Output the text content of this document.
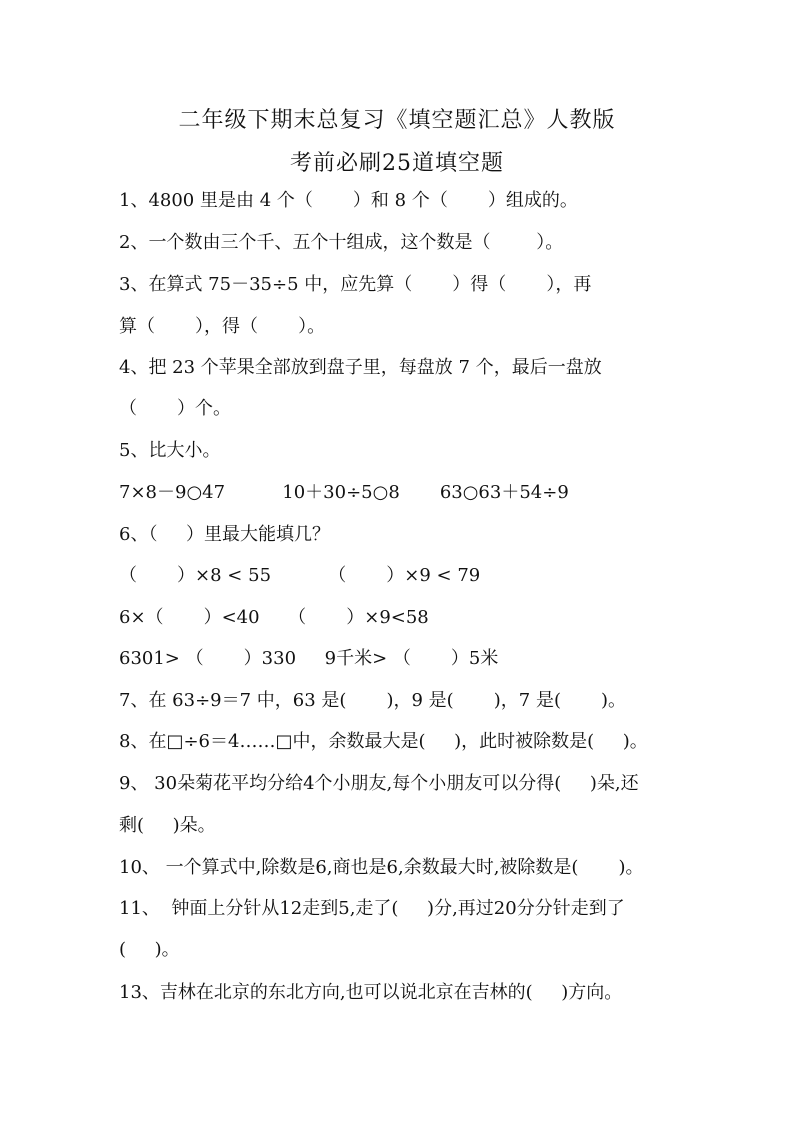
二年级下期末总复习《填空题汇总》人教版
考前必刷25道填空题
1、4800 里是由 4 个（       ）和 8 个（       ）组成的。
2、一个数由三个千、五个十组成，这个数是（        ）。
3、在算式 75－35÷5 中，应先算（       ）得（       ），再
算（       ），得（       ）。
4、把 23 个苹果全部放到盘子里，每盘放 7 个，最后一盘放
（       ）个。
5、比大小。
7×8－9○47          10＋30÷5○8       63○63＋54÷9
6、（     ）里最大能填几？
（       ）×8 < 55          （       ）×9 < 79
6×（       ）<40     （       ）×9<58
6301> （       ）330     9千米> （       ）5米
7、在 63÷9＝7 中，63 是(       )，9 是(       )，7 是(       )。
8、在□÷6＝4……□中，余数最大是(     )，此时被除数是(     )。
9、 30朵菊花平均分给4个小朋友,每个小朋友可以分得(     )朵,还
剩(     )朵。
10、 一个算式中,除数是6,商也是6,余数最大时,被除数是(       )。
11、  钟面上分针从12走到5,走了(     )分,再过20分分针走到了
(     )。
13、吉林在北京的东北方向,也可以说北京在吉林的(     )方向。
